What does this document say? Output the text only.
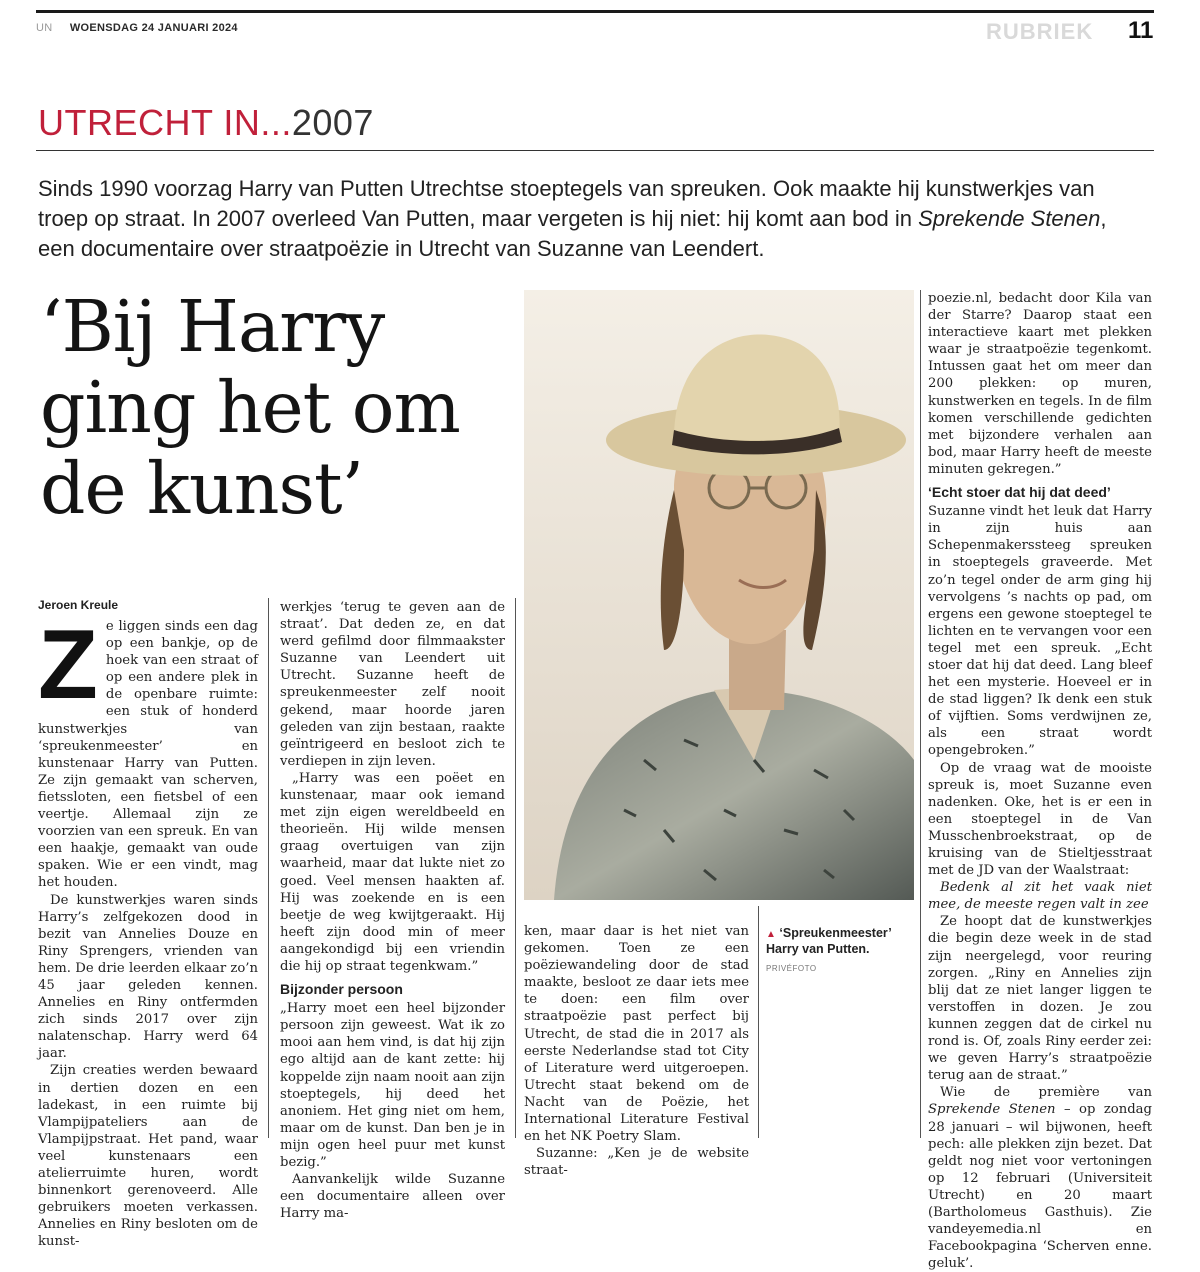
UN WOENSDAG 24 JANUARI 2024	RUBRIEK 11
UTRECHT IN...2007
Sinds 1990 voorzag Harry van Putten Utrechtse stoeptegels van spreuken. Ook maakte hij kunstwerkjes van troep op straat. In 2007 overleed Van Putten, maar vergeten is hij niet: hij komt aan bod in Sprekende Stenen, een documentaire over straatpoëzie in Utrecht van Suzanne van Leendert.
‘Bij Harry ging het om de kunst’
Jeroen Kreule

Ze liggen sinds een dag op een bankje, op de hoek van een straat of op een andere plek in de openbare ruimte: een stuk of honderd kunstwerkjes van ‘spreukenmeester’ en kunstenaar Harry van Putten. Ze zijn gemaakt van scherven, fietssloten, een fietsbel of een veertje. Allemaal zijn ze voorzien van een spreuk. En van een haakje, gemaakt van oude spaken. Wie er een vindt, mag het houden.

De kunstwerkjes waren sinds Harry’s zelfgekozen dood in bezit van Annelies Douze en Riny Sprengers, vrienden van hem. De drie leerden elkaar zo’n 45 jaar geleden kennen. Annelies en Riny ontfermden zich sinds 2017 over zijn nalatenschap. Harry werd 64 jaar.

Zijn creaties werden bewaard in dertien dozen en een ladekast, in een ruimte bij Vlampijpateliers aan de Vlampijpstraat. Het pand, waar veel kunstenaars een atelierruimte huren, wordt binnenkort gerenoveerd. Alle gebruikers moeten verkassen. Annelies en Riny besloten om de kunst-

werkjes ‘terug te geven aan de straat’. Dat deden ze, en dat werd gefilmd door filmmaakster Suzanne van Leendert uit Utrecht. Suzanne heeft de spreukenmeester zelf nooit gekend, maar hoorde jaren geleden van zijn bestaan, raakte geïntrigeerd en besloot zich te verdiepen in zijn leven.

„Harry was een poëet en kunstenaar, maar ook iemand met zijn eigen wereldbeeld en theorieën. Hij wilde mensen graag overtuigen van zijn waarheid, maar dat lukte niet zo goed. Veel mensen haakten af. Hij was zoekende en is een beetje de weg kwijtgeraakt. Hij heeft zijn dood min of meer aangekondigd bij een vriendin die hij op straat tegenkwam.”

Bijzonder persoon

„Harry moet een heel bijzonder persoon zijn geweest. Wat ik zo mooi aan hem vind, is dat hij zijn ego altijd aan de kant zette: hij koppelde zijn naam nooit aan zijn stoeptegels, hij deed het anoniem. Het ging niet om hem, maar om de kunst. Dan ben je in mijn ogen heel puur met kunst bezig.”

Aanvankelijk wilde Suzanne een documentaire alleen over Harry ma-

ken, maar daar is het niet van gekomen. Toen ze een poëziewandeling door de stad maakte, besloot ze daar iets mee te doen: een film over straatpoëzie past perfect bij Utrecht, de stad die in 2017 als eerste Nederlandse stad tot City of Literature werd uitgeroepen. Utrecht staat bekend om de Nacht van de Poëzie, het International Literature Festival en het NK Poetry Slam.

Suzanne: „Ken je de website straat-

▲ ‘Spreukenmeester’ Harry van Putten.
PRIVÉFOTO

poezie.nl, bedacht door Kila van der Starre? Daarop staat een interactieve kaart met plekken waar je straatpoëzie tegenkomt. Intussen gaat het om meer dan 200 plekken: op muren, kunstwerken en tegels. In de film komen verschillende gedichten met bijzondere verhalen aan bod, maar Harry heeft de meeste minuten gekregen.”

‘Echt stoer dat hij dat deed’

Suzanne vindt het leuk dat Harry in zijn huis aan Schepenmakerssteeg spreuken in stoeptegels graveerde. Met zo’n tegel onder de arm ging hij vervolgens ’s nachts op pad, om ergens een gewone stoeptegel te lichten en te vervangen voor een tegel met een spreuk. „Echt stoer dat hij dat deed. Lang bleef het een mysterie. Hoeveel er in de stad liggen? Ik denk een stuk of vijftien. Soms verdwijnen ze, als een straat wordt opengebroken.”

Op de vraag wat de mooiste spreuk is, moet Suzanne even nadenken. Oke, het is er een in een stoeptegel in de Van Musschenbroekstraat, op de kruising van de Stieltjesstraat met de JD van der Waalstraat:

Bedenk al zit het vaak niet mee, de meeste regen valt in zee

Ze hoopt dat de kunstwerkjes die begin deze week in de stad zijn neergelegd, voor reuring zorgen. „Riny en Annelies zijn blij dat ze niet langer liggen te verstoffen in dozen. Je zou kunnen zeggen dat de cirkel nu rond is. Of, zoals Riny eerder zei: we geven Harry’s straatpoëzie terug aan de straat.”

Wie de première van Sprekende Stenen – op zondag 28 januari – wil bijwonen, heeft pech: alle plekken zijn bezet. Dat geldt nog niet voor vertoningen op 12 februari (Universiteit Utrecht) en 20 maart (Bartholomeus Gasthuis). Zie vandeyemedia.nl en Facebookpagina ‘Scherven enne. geluk’.
